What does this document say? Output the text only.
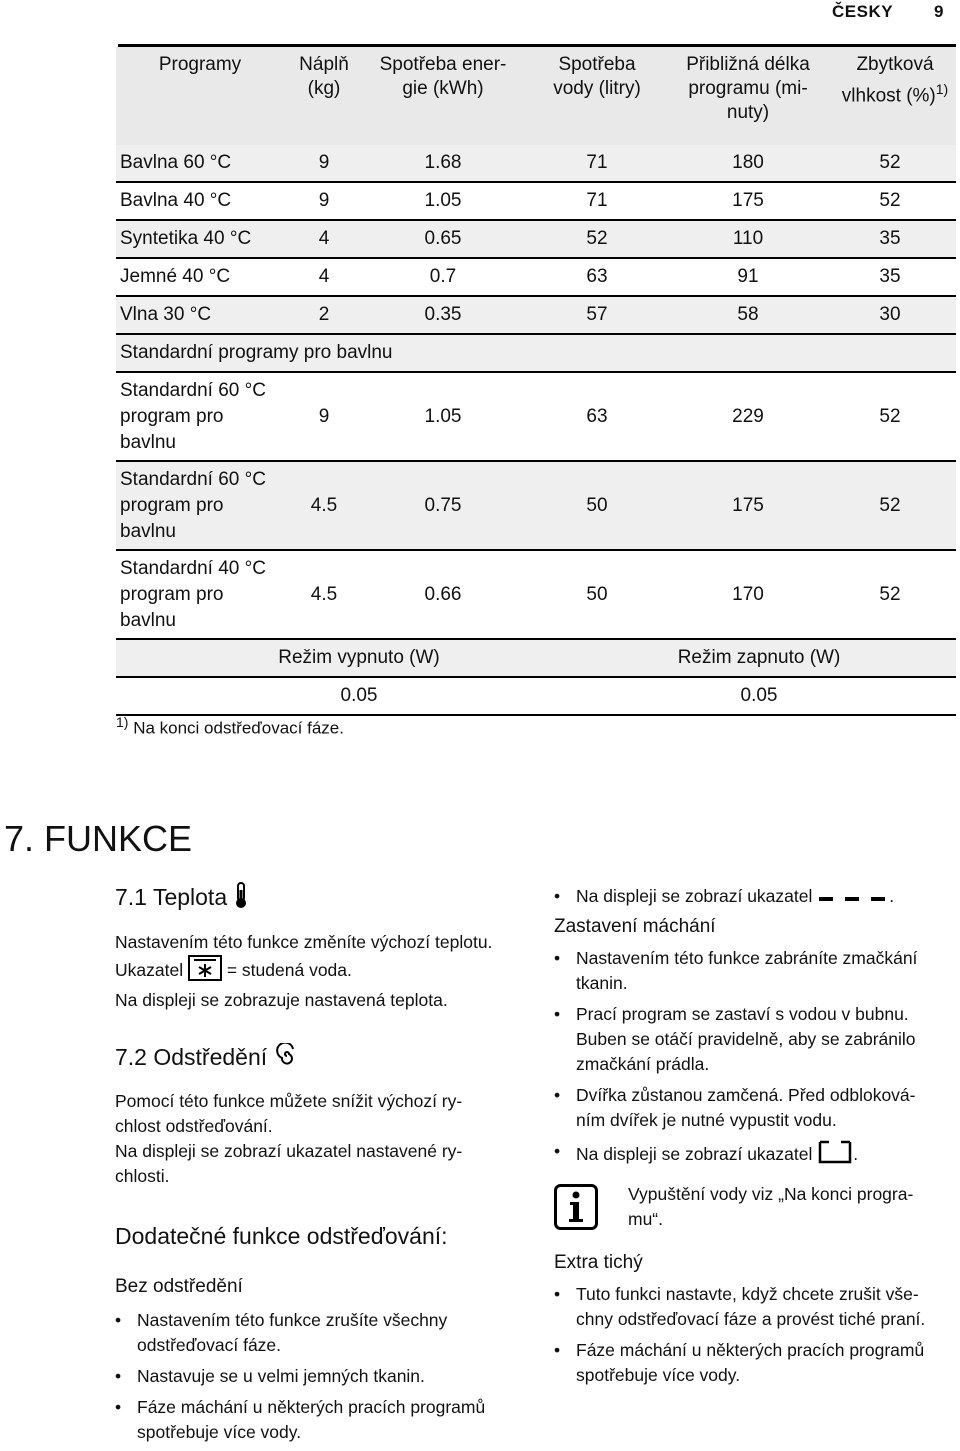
ČESKY 9
Programy	Náplň (kg)	Spotřeba ener- gie (kWh)	Spotřeba vody (litry)	Přibližná délka programu (mi- nuty)	Zbytková vlhkost (%)$^{1)}$
Bavlna 60 °C	9	1.68	71	180	52
Bavlna 40 °C	9	1.05	71	175	52
Syntetika 40 °C	4	0.65	52	110	35
Jemné 40 °C	4	0.7	63	91	35
Vlna 30 °C	2	0.35	57	58	30
Standardní programy pro bavlnu					
Standardní 60 °C program pro bavlnu	9	1.05	63	229	52
Standardní 60 °C program pro bavlnu	4.5	0.75	50	175	52
Standardní 40 °C program pro bavlnu	4.5	0.66	50	170	52
Režim vypnuto (W)			Režim zapnuto (W)		
0.05			0.05		
$^{1)}$ Na konci odstřeďovací fáze.
7. FUNKCE
7.1 Teplota
Nastavením této funkce změníte výchozí teplotu.
Ukazatel	= studená voda.
Na displeji se zobrazuje nastavená teplota.
7.2 Odstředění
Pomocí této funkce můžete snížit výchozí ry- chlost odstřeďování.
Na displeji se zobrazí ukazatel nastavené ry- chlosti.
Dodatečné funkce odstřeďování:
Bez odstředění
• Nastavením této funkce zrušíte všechny odstřeďovací fáze.
• Nastavuje se u velmi jemných tkanin.
• Fáze máchání u některých pracích programů spotřebuje více vody.
• Na displeji se zobrazí ukazatel	.
Zastavení máchání
• Nastavením této funkce zabráníte zmačkání tkanin.
• Prací program se zastaví s vodou v bubnu. Buben se otáčí pravidelně, aby se zabránilo zmačkání prádla.
• Dvířka zůstanou zamčená. Před odbloková- ním dvířek je nutné vypustit vodu.
• Na displeji se zobrazí ukazatel .
Vypuštění vody viz „Na konci progra- mu“.
Extra tichý
• Tuto funkci nastavte, když chcete zrušit vše- chny odstřeďovací fáze a provést tiché praní.
• Fáze máchání u některých pracích programů spotřebuje více vody.
